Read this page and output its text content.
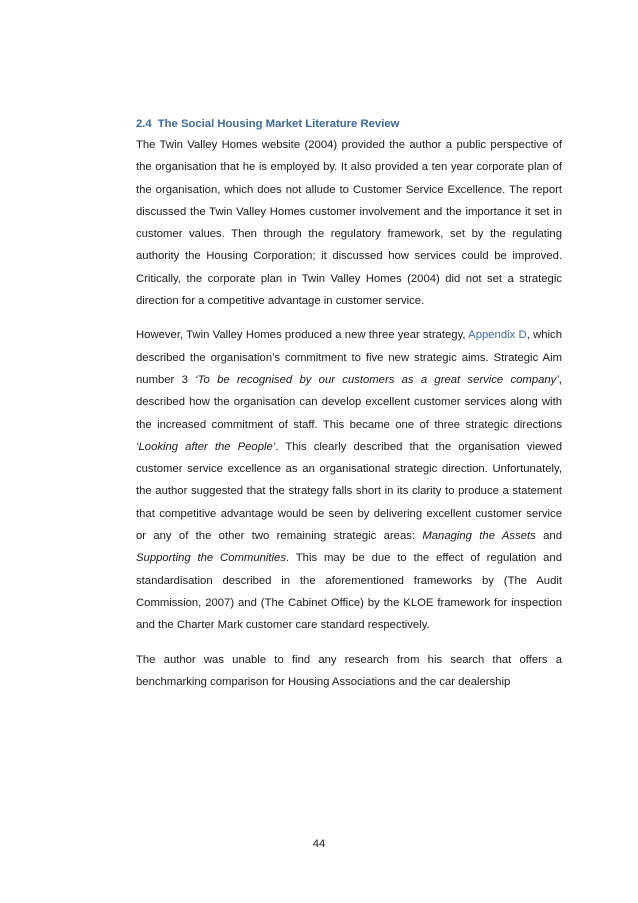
2.4 The Social Housing Market Literature Review

The Twin Valley Homes website (2004) provided the author a public perspective of the organisation that he is employed by. It also provided a ten year corporate plan of the organisation, which does not allude to Customer Service Excellence. The report discussed the Twin Valley Homes customer involvement and the importance it set in customer values. Then through the regulatory framework, set by the regulating authority the Housing Corporation; it discussed how services could be improved. Critically, the corporate plan in Twin Valley Homes (2004) did not set a strategic direction for a competitive advantage in customer service.

However, Twin Valley Homes produced a new three year strategy, Appendix D, which described the organisation’s commitment to five new strategic aims. Strategic Aim number 3 ‘To be recognised by our customers as a great service company’, described how the organisation can develop excellent customer services along with the increased commitment of staff. This became one of three strategic directions ‘Looking after the People’. This clearly described that the organisation viewed customer service excellence as an organisational strategic direction. Unfortunately, the author suggested that the strategy falls short in its clarity to produce a statement that competitive advantage would be seen by delivering excellent customer service or any of the other two remaining strategic areas: Managing the Assets and Supporting the Communities. This may be due to the effect of regulation and standardisation described in the aforementioned frameworks by (The Audit Commission, 2007) and (The Cabinet Office) by the KLOE framework for inspection and the Charter Mark customer care standard respectively.

The author was unable to find any research from his search that offers a benchmarking comparison for Housing Associations and the car dealership

44
